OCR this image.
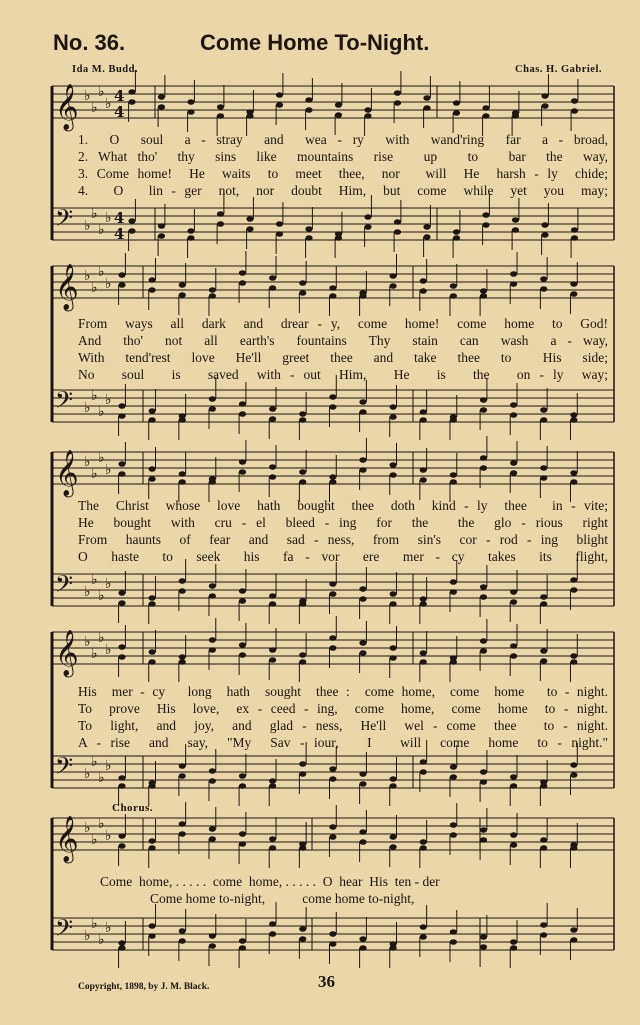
𝄞 ♭
♭
♭
♭ 4
4
𝄢 ♭
♭
♭
♭ 4
4
𝄞 ♭
♭
♭
♭
𝄢 ♭
♭
♭
♭
𝄞 ♭
♭
♭
♭
𝄢 ♭
♭
♭
♭
𝄞 ♭
♭
♭
♭
𝄢 ♭
♭
♭
♭
𝄞 ♭
♭
♭
♭
𝄢 ♭
♭
♭
♭
No. 36.	Come Home To-Night.
Ida M. Budd.	Chas. H. Gabriel.
1.  O  soul  a - stray  and  wea - ry  with  wand'ring  far  a - broad,
2. What tho'  thy  sins  like  mountains  rise   up   to   bar  the  way,
3. Come home!  He  waits  to  meet  thee,  nor   will  He  harsh - ly  chide;
4.   O   lin - ger  not,  nor  doubt  Him,  but  come  while  yet  you  may;
From  ways  all  dark  and  drear - y,  come  home!  come  home  to  God!
And  tho'  not  all  earth's  fountains  Thy  stain  can  wash  a - way,
With  tend'rest  love  He'll  greet  thee  and  take  thee  to   His  side;
No   soul   is   saved  with - out  Him,   He   is   the   on - ly  way;
The  Christ  whose  love  hath  bought  thee  doth  kind - ly  thee   in - vite;
He  bought  with  cru - el  bleed - ing  for  the   the  glo - rious  right
From  haunts  of  fear  and  sad - ness,  from  sin's  cor - rod - ing  blight
O  haste  to  seek  his  fa - vor  ere  mer - cy  takes  its  flight,
His  mer - cy   long  hath  sought  thee :  come home,  come  home   to - night.
To  prove  His  love,  ex - ceed - ing,  come  home,  come  home  to - night.
To  light,  and  joy,  and  glad - ness,  He'll  wel - come  thee   to - night.
A - rise  and  say,  "My  Sav - iour,   I   will  come  home  to - night."
Chorus.
Come  home, . . . . .  come  home, . . . . .  O  hear  His  ten - der
Come home to-night,           come home to-night,
Copyright, 1898, by J. M. Black.	36
